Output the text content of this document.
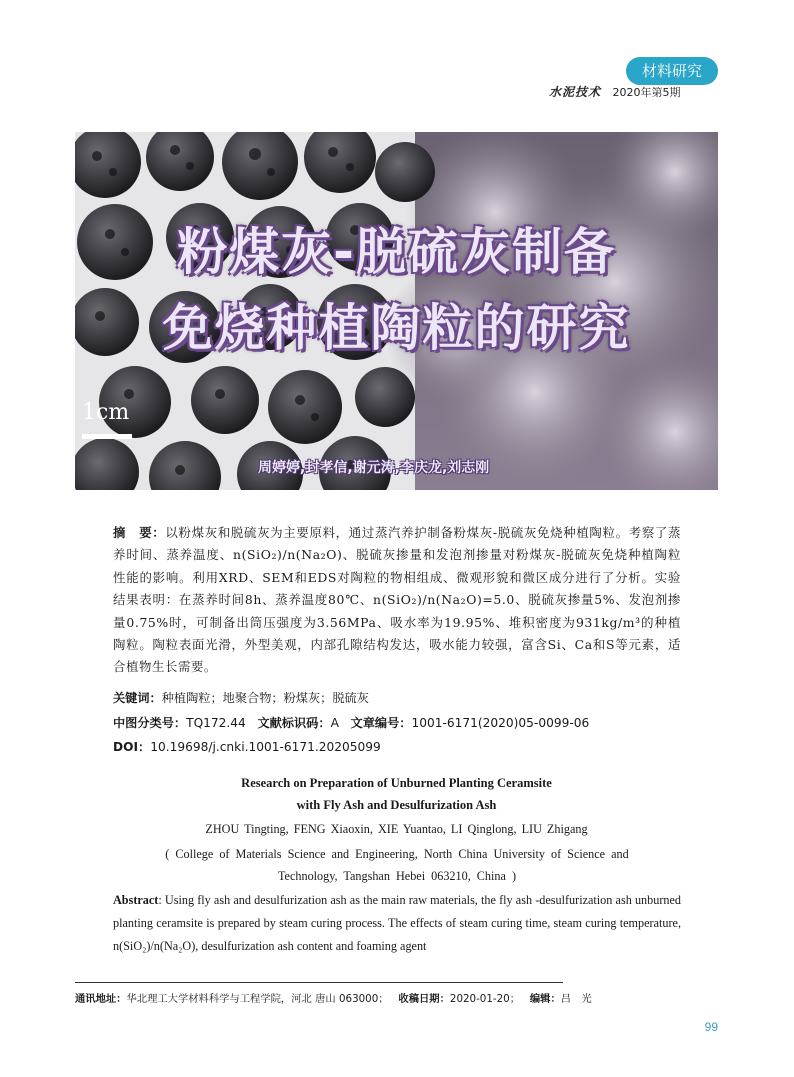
材料研究
水泥技术 2020年第5期
粉煤灰-脱硫灰制备
免烧种植陶粒的研究
1cm
周婷婷,封孝信,谢元涛,李庆龙,刘志刚
摘　要：以粉煤灰和脱硫灰为主要原料，通过蒸汽养护制备粉煤灰-脱硫灰免烧种植陶粒。考察了蒸养时间、蒸养温度、n(SiO₂)/n(Na₂O)、脱硫灰掺量和发泡剂掺量对粉煤灰-脱硫灰免烧种植陶粒性能的影响。利用XRD、SEM和EDS对陶粒的物相组成、微观形貌和微区成分进行了分析。实验结果表明：在蒸养时间8h、蒸养温度80℃、n(SiO₂)/n(Na₂O)=5.0、脱硫灰掺量5%、发泡剂掺量0.75%时，可制备出筒压强度为3.56MPa、吸水率为19.95%、堆积密度为931kg/m³的种植陶粒。陶粒表面光滑，外型美观，内部孔隙结构发达，吸水能力较强，富含Si、Ca和S等元素，适合植物生长需要。
关键词：种植陶粒；地聚合物；粉煤灰；脱硫灰
中图分类号：TQ172.44 文献标识码：A 文章编号：1001-6171(2020)05-0099-06
DOI：10.19698/j.cnki.1001-6171.20205099
Research on Preparation of Unburned Planting Ceramsite
with Fly Ash and Desulfurization Ash
ZHOU Tingting, FENG Xiaoxin, XIE Yuantao, LI Qinglong, LIU Zhigang
( College of Materials Science and Engineering, North China University of Science and
Technology, Tangshan Hebei 063210, China )
Abstract: Using fly ash and desulfurization ash as the main raw materials, the fly ash -desulfurization ash unburned planting ceramsite is prepared by steam curing process. The effects of steam curing time, steam curing temperature, n(SiO₂)/n(Na₂O), desulfurization ash content and foaming agent
通讯地址：华北理工大学材料科学与工程学院，河北 唐山 063000； 收稿日期：2020-01-20； 编辑：吕　光
99
